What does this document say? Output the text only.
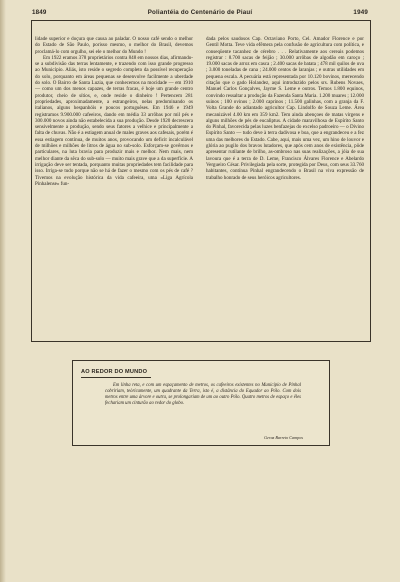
1849	Poliantéia do Centenário de Piauí	1949

lidade superior e doçura que causa ao paladar. O nosso café sendo o melhor do Estado de São Paulo, porisso mesmo, o melhor do Brasil, devemos proclamá-lo com orgulho, sei ele o melhor do Mundo !

Em 1922 eramos 378 proprietários contra 848 em nossos dias, afirmando-se a subdivisão das terras lentamente, e trazendo com isso grande progresso ao Município. Aliás, isto reside o segredo completo da possível recuperação do solo, porquanto em áreas pequenas se desenvolve facilmente a uberdade do solo. O Bairro de Santa Luzia, que conhecemos na mocidade — em 1910 — como um dos menos capazes, de terras fracas, é hoje um grande centro produtor, cheio de sítios, e, onde reside o dinheiro ! Pertencem 281 propriedades, aproximadamente, a estrangeiros, nelas predominando os italianos, alguns hespanhóis e poucos portuguêses. Em 1946 e 1949 registramos 9.900.000 cafeeiros, dando em média 33 arrôbas por mil pés e 300.000 novos ainda não estabelecida a sua produção. Desde 1920 decrescera sensivelmente a produção, sendo seus fatores a velhice e principalmente a falta de chuvas. Não é a estiagem anual de males graves aos cafesais, porém é essa estiagem contínua, de muitos anos, provocando um deficit incalculável de milhões e milhões de litros de água no sub-solo. Esforçam-se govêrnos e particulares, na luta bravia para produzir mais e melhor. Nem mais, nem melhor diante da sêca do sub-solo — muito mais grave que a da superfície. A irrigação deve ser tentada, porquanto muitas propriedades tem facilidade para isso. Irriga-se tudo porque não se há de fazer o mesmo com os pés de café ? Tivemos na evolução histórica da vida cafeeira, uma «Liga Agrícola Pinhalense» fun-

dada pelos saudosos Cap. Octaviano Porto, Cel. Amador Florence e por Gentil Motta. Teve vida efêmera pela confusão de agricultura com política, e conseqüente tacanhez de cérebro . . . Relativamente aos cereais podemos registrar : 8.700 sacas de feijão ; 30.000 arrôbas de algodão em caroço ; 19.000 sacas de arroz em casca ; 2.400 sacas de batata ; 478 mil quilos de uva ; 3.000 toneladas de cana ; 24.000 centos de laranjas ; e outras utilidades em pequena escala. A pecuária está representada por 10.120 bovinos, merecendo citação que o gado Holandez, aqui introduzido pelos srs. Rubens Novaes, Manuel Carlos Gonçalves, Jayme S. Leme e outros. Temos 1.800 equinos, convindo ressaltar a produção da Fazenda Santa Maria. 1.200 muares ; 12.000 suinos ; 100 ovinos ; 2.000 caprinos ; 11.500 galinhas, com a granja da F. Volta Grande do adiantado agricultor Cap. Lindolfo de Souza Leme. Área mecanizável 4.00 km em 359 km2. Tem ainda abençoes de matas virgens e alguns milhões de pés de eucaliptus. A cidade maravilhosa de Espírito Santo do Pinhal, favorecida pelas luzes benfazejas do excelso padroeiro — o Divino Espírito Santo — tudo deve à terra dadivosa e boa, que a engrandeceu e a fez uma das melhores do Estado. Cabe, aqui, mais uma vez, um hino de louvor e glória ao pugilo dos bravos lutadores, que após cem anos de existência, pôde apresentar rutilante de brilho, as-ombroso nas suas realizações, a jóia de sua lavoura que é a terra de D. Leme, Francisco Álvares Florence e Abelardo Vergueiro César. Privilegiada pela sorte, protegida por Deus, com seus 33.760 habitantes, contínua Pinhal engrandecendo o Brasil na viva expressão de trabalho honrado de seus heróicos agricultores.

AO REDOR DO MUNDO
Em linha reta, e com um espaçamento de metros, os cafeeiros existentes no Município de Pinhal cobririam, teòricamente, um quadrante da Terra, isto é, a distância do Equador ao Pólo. Com dois metros entre uma árvore e outra, se prolongariam de um ao outro Pólo. Quatro metros de espaço e êles fechariam um cinturão ao redor do globo.
Geraz Barreto Campos
